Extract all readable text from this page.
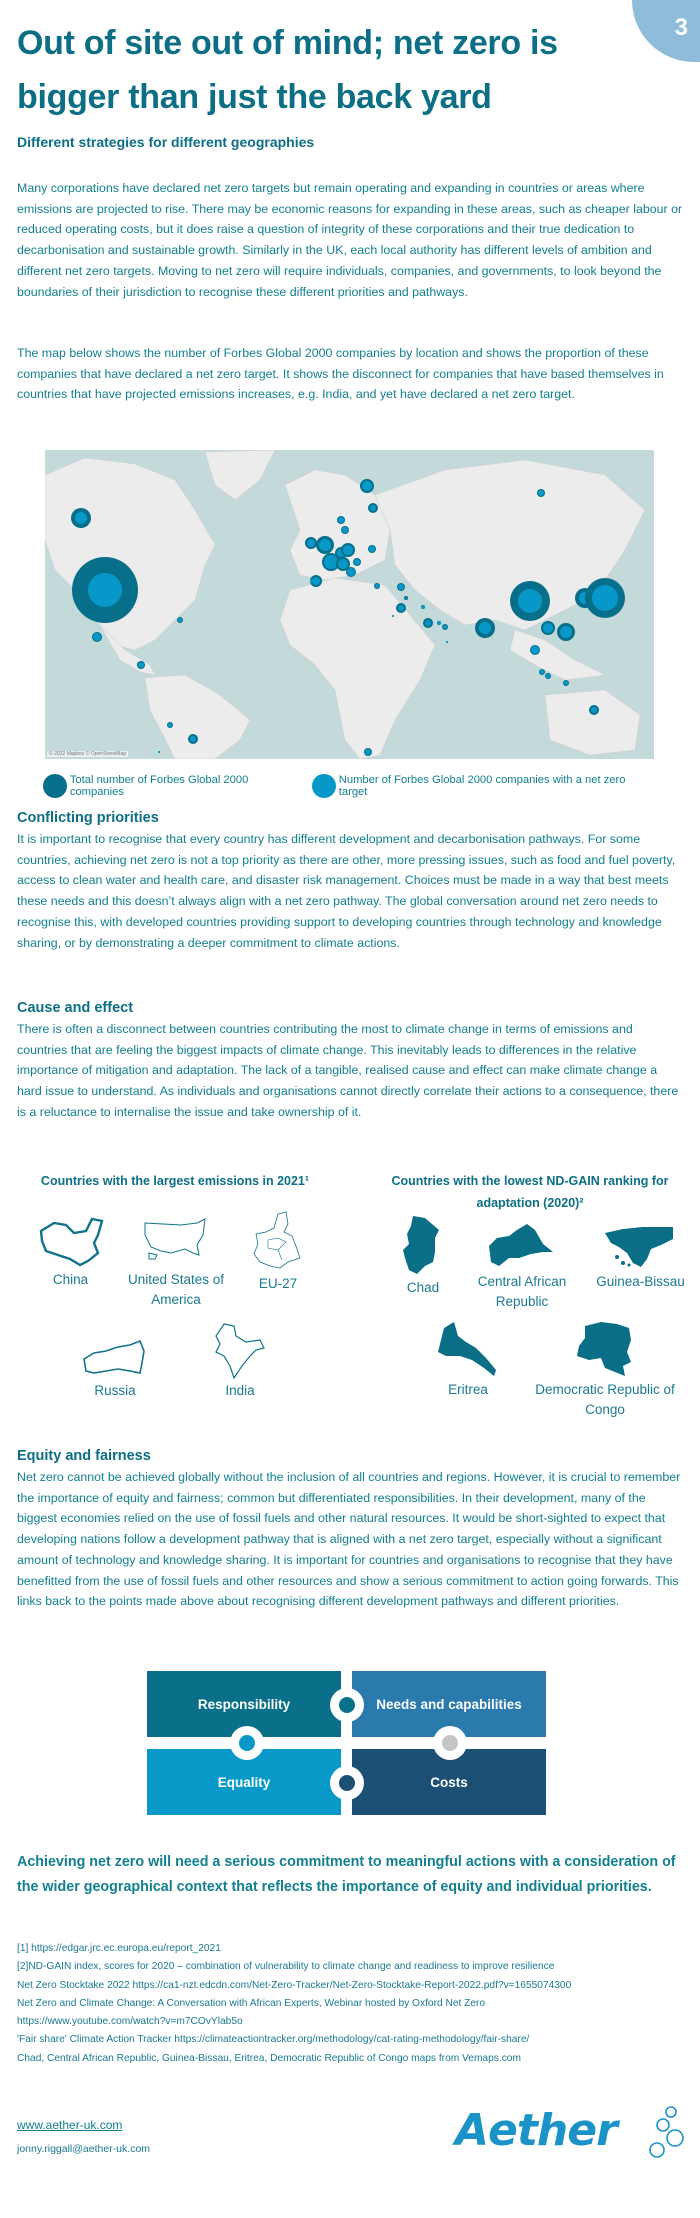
3
Out of site out of mind; net zero is bigger than just the back yard
Different strategies for different geographies

Many corporations have declared net zero targets but remain operating and expanding in countries or areas where emissions are projected to rise. There may be economic reasons for expanding in these areas, such as cheaper labour or reduced operating costs, but it does raise a question of integrity of these corporations and their true dedication to decarbonisation and sustainable growth. Similarly in the UK, each local authority has different levels of ambition and different net zero targets. Moving to net zero will require individuals, companies, and governments, to look beyond the boundaries of their jurisdiction to recognise these different priorities and pathways.

The map below shows the number of Forbes Global 2000 companies by location and shows the proportion of these companies that have declared a net zero target. It shows the disconnect for companies that have based themselves in countries that have projected emissions increases, e.g. India, and yet have declared a net zero target.

© 2022 Mapbox © OpenStreetMap
Total number of Forbes Global 2000 companies
Number of Forbes Global 2000 companies with a net zero target
Conflicting priorities

It is important to recognise that every country has different development and decarbonisation pathways. For some countries, achieving net zero is not a top priority as there are other, more pressing issues, such as food and fuel poverty, access to clean water and health care, and disaster risk management. Choices must be made in a way that best meets these needs and this doesn’t always align with a net zero pathway. The global conversation around net zero needs to recognise this, with developed countries providing support to developing countries through technology and knowledge sharing, or by demonstrating a deeper commitment to climate actions.

Cause and effect

There is often a disconnect between countries contributing the most to climate change in terms of emissions and countries that are feeling the biggest impacts of climate change. This inevitably leads to differences in the relative importance of mitigation and adaptation. The lack of a tangible, realised cause and effect can make climate change a hard issue to understand. As individuals and organisations cannot directly correlate their actions to a consequence, there is a reluctance to internalise the issue and take ownership of it.

Countries with the largest emissions in 2021¹
China	United States of America
EU-27
Russia	India
Countries with the lowest ND-GAIN ranking for adaptation (2020)²
Chad	Central African Republic
Guinea-Bissau
Eritrea	Democratic Republic of Congo
Equity and fairness

Net zero cannot be achieved globally without the inclusion of all countries and regions. However, it is crucial to remember the importance of equity and fairness; common but differentiated responsibilities. In their development, many of the biggest economies relied on the use of fossil fuels and other natural resources. It would be short-sighted to expect that developing nations follow a development pathway that is aligned with a net zero target, especially without a significant amount of technology and knowledge sharing. It is important for countries and organisations to recognise that they have benefitted from the use of fossil fuels and other resources and show a serious commitment to action going forwards. This links back to the points made above about recognising different development pathways and different priorities.

Responsibility	Needs and capabilities
Equality	Costs

Achieving net zero will need a serious commitment to meaningful actions with a consideration of the wider geographical context that reflects the importance of equity and individual priorities.

[1] https://edgar.jrc.ec.europa.eu/report_2021
[2]ND-GAIN index, scores for 2020 – combination of vulnerability to climate change and readiness to improve resilience
Net Zero Stocktake 2022 https://ca1-nzt.edcdn.com/Net-Zero-Tracker/Net-Zero-Stocktake-Report-2022.pdf?v=1655074300
Net Zero and Climate Change: A Conversation with African Experts, Webinar hosted by Oxford Net Zero
https://www.youtube.com/watch?v=m7COvYlab5o
'Fair share' Climate Action Tracker https://climateactiontracker.org/methodology/cat-rating-methodology/fair-share/
Chad, Central African Republic, Guinea-Bissau, Eritrea, Democratic Republic of Congo maps from Vemaps.com
www.aether-uk.com
jonny.riggall@aether-uk.com	Aether
